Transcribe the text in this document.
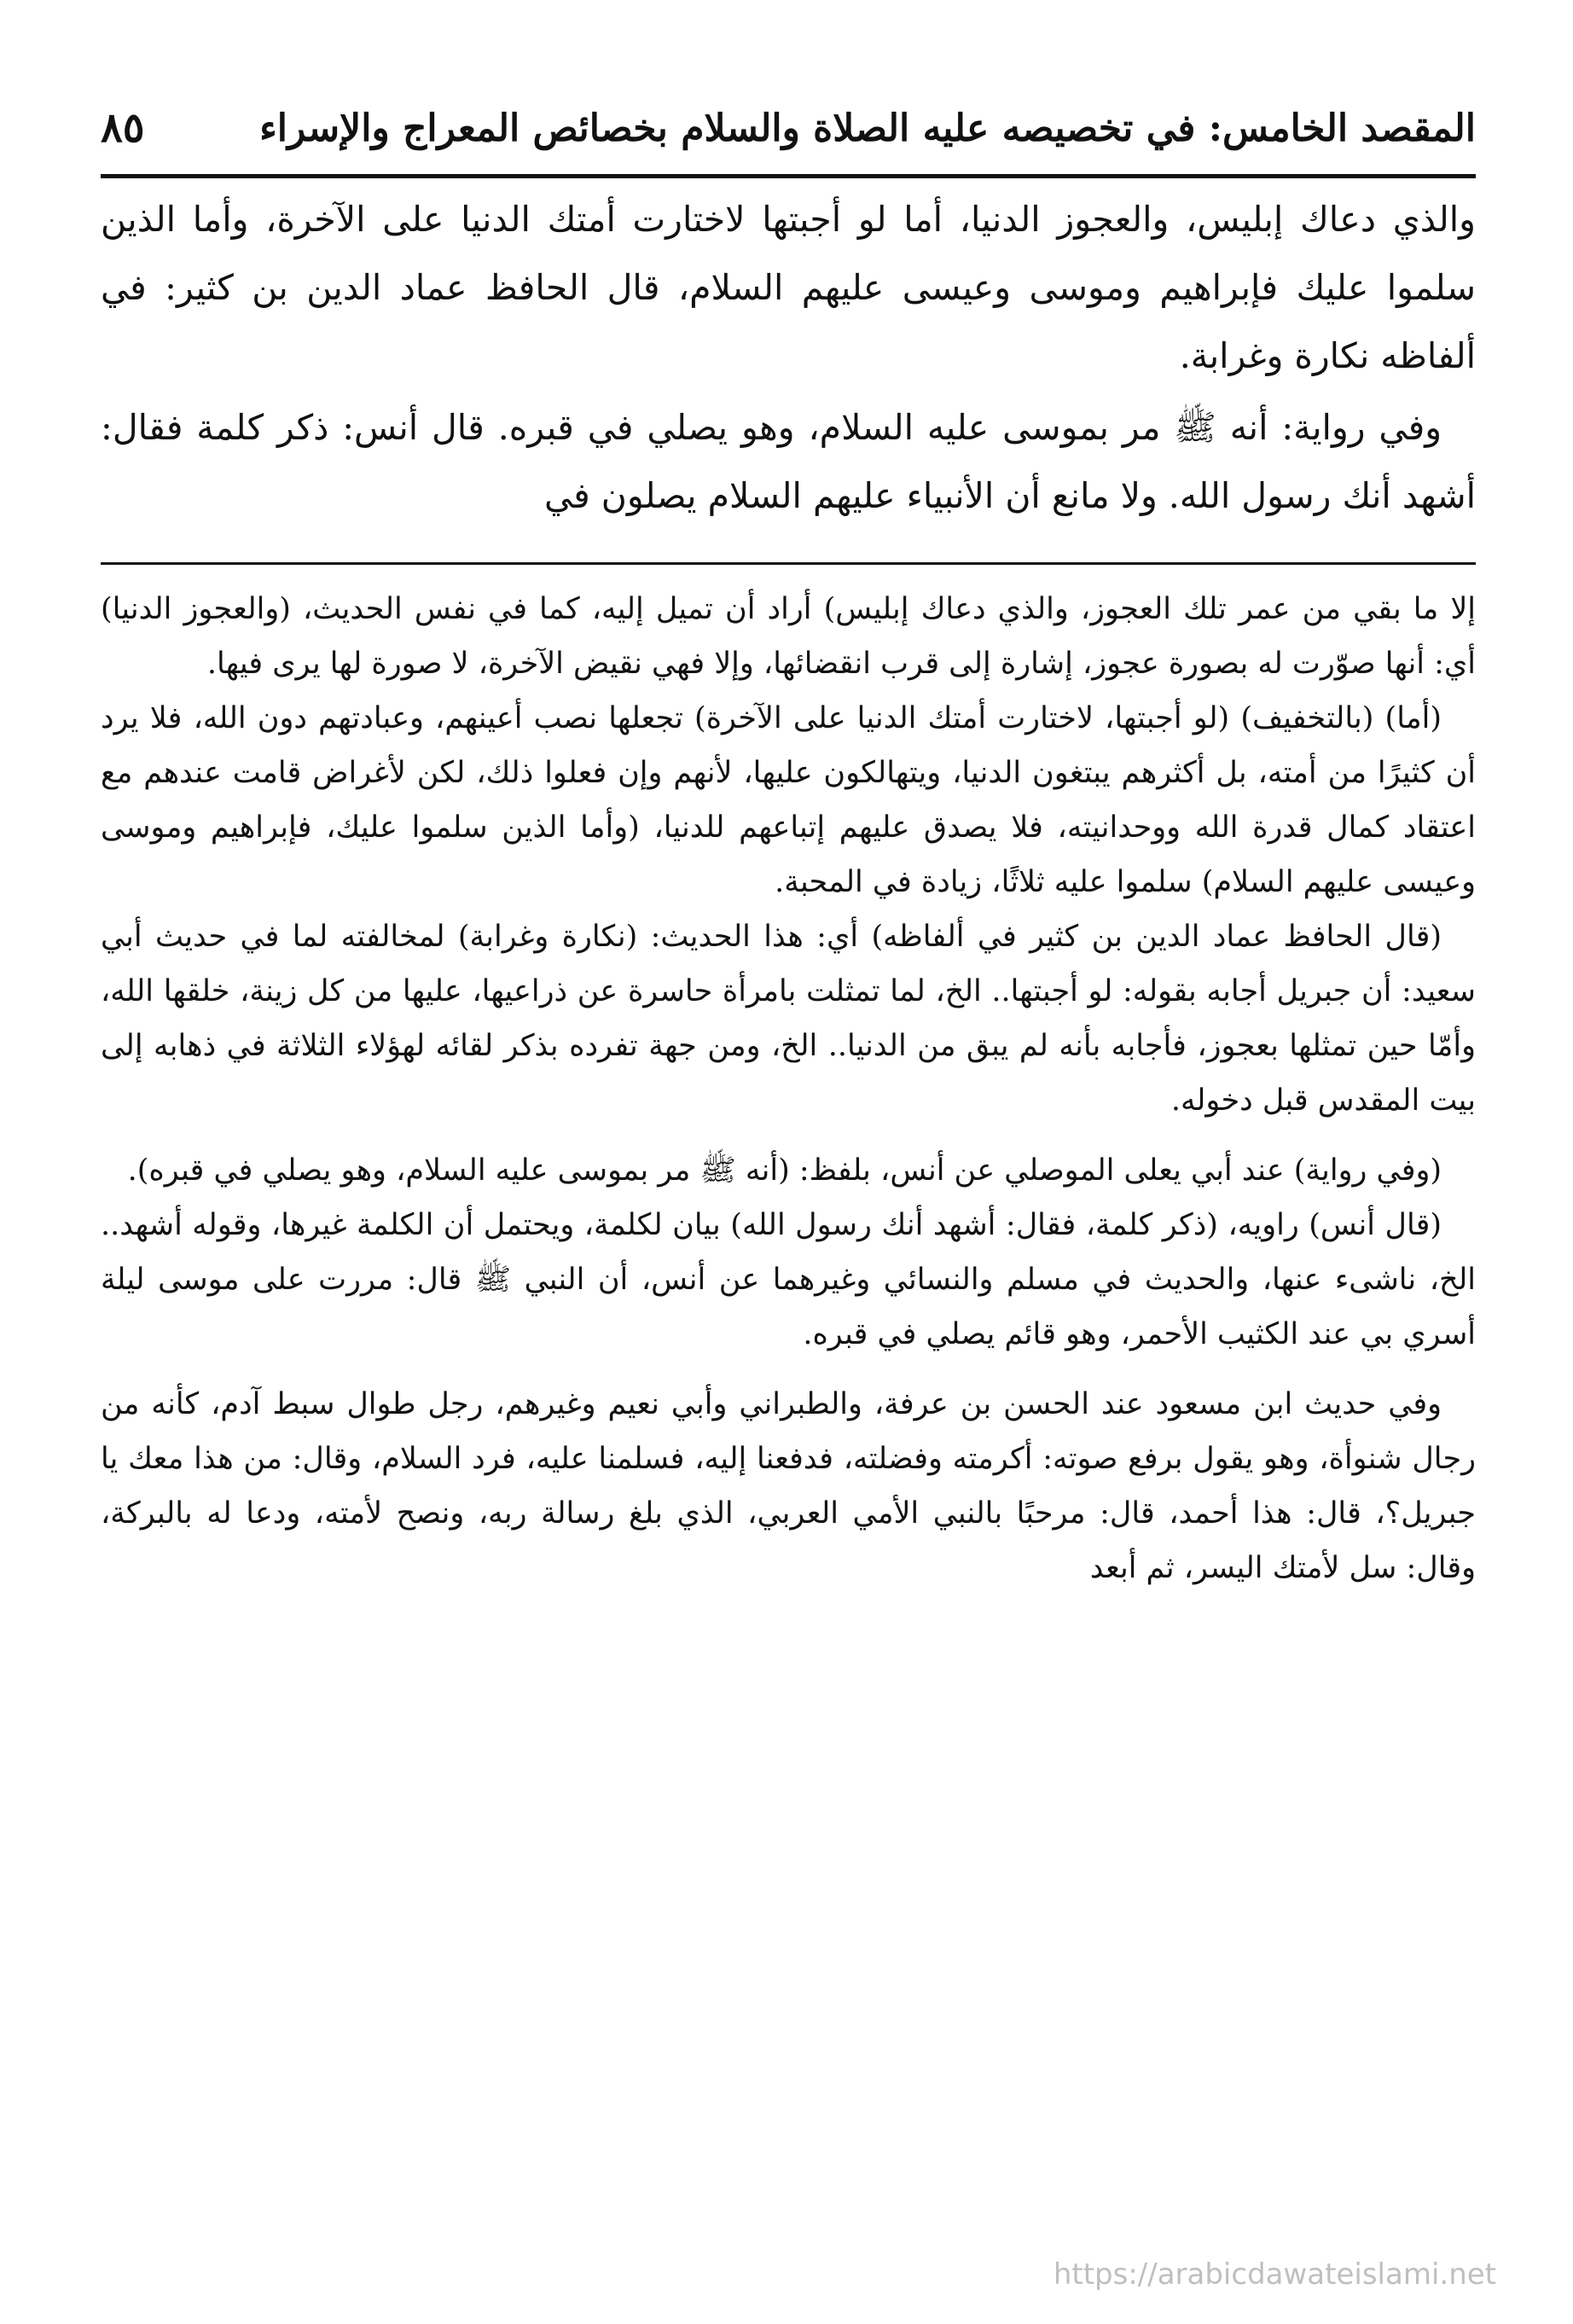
المقصد الخامس: في تخصيصه عليه الصلاة والسلام بخصائص المعراج والإسراء
٨٥

والذي دعاك إبليس، والعجوز الدنيا، أما لو أجبتها لاختارت أمتك الدنيا على الآخرة، وأما الذين سلموا عليك فإبراهيم وموسى وعيسى عليهم السلام، قال الحافظ عماد الدين بن كثير: في ألفاظه نكارة وغرابة.

وفي رواية: أنه ﷺ مر بموسى عليه السلام، وهو يصلي في قبره. قال أنس: ذكر كلمة فقال: أشهد أنك رسول الله. ولا مانع أن الأنبياء عليهم السلام يصلون في

إلا ما بقي من عمر تلك العجوز، والذي دعاك إبليس) أراد أن تميل إليه، كما في نفس الحديث، (والعجوز الدنيا) أي: أنها صوّرت له بصورة عجوز، إشارة إلى قرب انقضائها، وإلا فهي نقيض الآخرة، لا صورة لها يرى فيها.

(أما) (بالتخفيف) (لو أجبتها، لاختارت أمتك الدنيا على الآخرة) تجعلها نصب أعينهم، وعبادتهم دون الله، فلا يرد أن كثيرًا من أمته، بل أكثرهم يبتغون الدنيا، ويتهالكون عليها، لأنهم وإن فعلوا ذلك، لكن لأغراض قامت عندهم مع اعتقاد كمال قدرة الله ووحدانيته، فلا يصدق عليهم إتباعهم للدنيا، (وأما الذين سلموا عليك، فإبراهيم وموسى وعيسى عليهم السلام) سلموا عليه ثلاثًا، زيادة في المحبة.

(قال الحافظ عماد الدين بن كثير في ألفاظه) أي: هذا الحديث: (نكارة وغرابة) لمخالفته لما في حديث أبي سعيد: أن جبريل أجابه بقوله: لو أجبتها.. الخ، لما تمثلت بامرأة حاسرة عن ذراعيها، عليها من كل زينة، خلقها الله، وأمّا حين تمثلها بعجوز، فأجابه بأنه لم يبق من الدنيا.. الخ، ومن جهة تفرده بذكر لقائه لهؤلاء الثلاثة في ذهابه إلى بيت المقدس قبل دخوله.

(وفي رواية) عند أبي يعلى الموصلي عن أنس، بلفظ: (أنه ﷺ مر بموسى عليه السلام، وهو يصلي في قبره).

(قال أنس) راويه، (ذكر كلمة، فقال: أشهد أنك رسول الله) بيان لكلمة، ويحتمل أن الكلمة غيرها، وقوله أشهد.. الخ، ناشىء عنها، والحديث في مسلم والنسائي وغيرهما عن أنس، أن النبي ﷺ قال: مررت على موسى ليلة أسري بي عند الكثيب الأحمر، وهو قائم يصلي في قبره.

وفي حديث ابن مسعود عند الحسن بن عرفة، والطبراني وأبي نعيم وغيرهم، رجل طوال سبط آدم، كأنه من رجال شنوأة، وهو يقول برفع صوته: أكرمته وفضلته، فدفعنا إليه، فسلمنا عليه، فرد السلام، وقال: من هذا معك يا جبريل؟، قال: هذا أحمد، قال: مرحبًا بالنبي الأمي العربي، الذي بلغ رسالة ربه، ونصح لأمته، ودعا له بالبركة، وقال: سل لأمتك اليسر، ثم أبعد

https://arabicdawateislami.net
